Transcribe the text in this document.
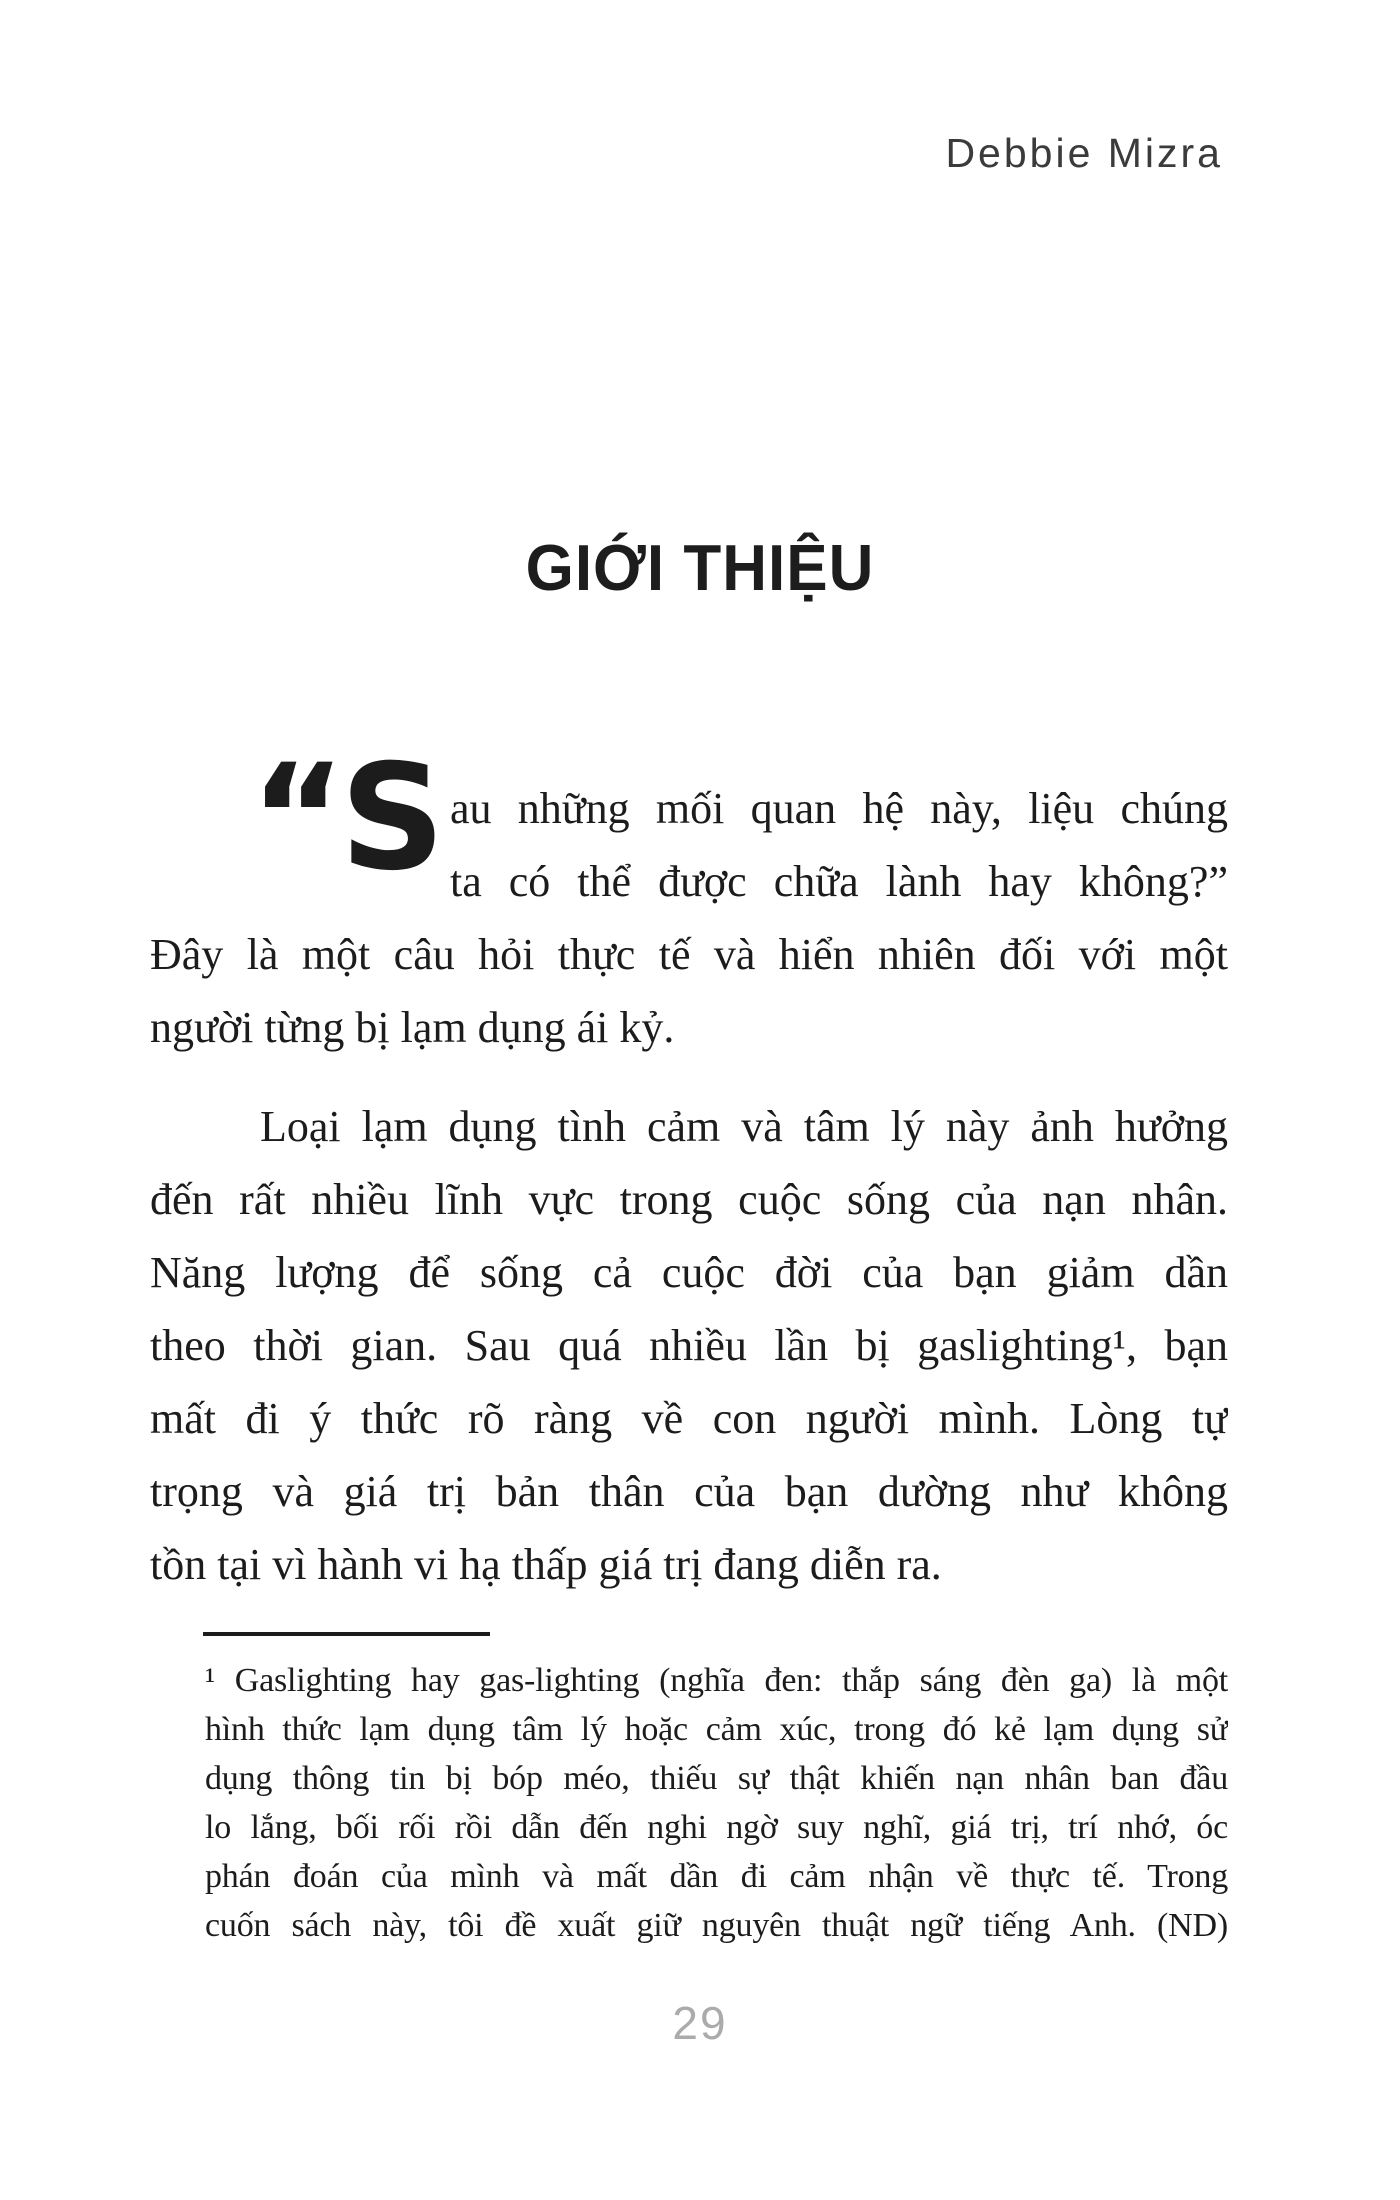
Debbie Mizra
GIỚI THIỆU
“S au những mối quan hệ này, liệu chúng
ta có thể được chữa lành hay không?”
Đây là một câu hỏi thực tế và hiển nhiên đối với một
người từng bị lạm dụng ái kỷ.
Loại lạm dụng tình cảm và tâm lý này ảnh hưởng
đến rất nhiều lĩnh vực trong cuộc sống của nạn nhân.
Năng lượng để sống cả cuộc đời của bạn giảm dần
theo thời gian. Sau quá nhiều lần bị gaslighting¹, bạn
mất đi ý thức rõ ràng về con người mình. Lòng tự
trọng và giá trị bản thân của bạn dường như không
tồn tại vì hành vi hạ thấp giá trị đang diễn ra.
¹ Gaslighting hay gas-lighting (nghĩa đen: thắp sáng đèn ga) là một
hình thức lạm dụng tâm lý hoặc cảm xúc, trong đó kẻ lạm dụng sử
dụng thông tin bị bóp méo, thiếu sự thật khiến nạn nhân ban đầu
lo lắng, bối rối rồi dẫn đến nghi ngờ suy nghĩ, giá trị, trí nhớ, óc
phán đoán của mình và mất dần đi cảm nhận về thực tế. Trong
cuốn sách này, tôi đề xuất giữ nguyên thuật ngữ tiếng Anh. (ND)
29
